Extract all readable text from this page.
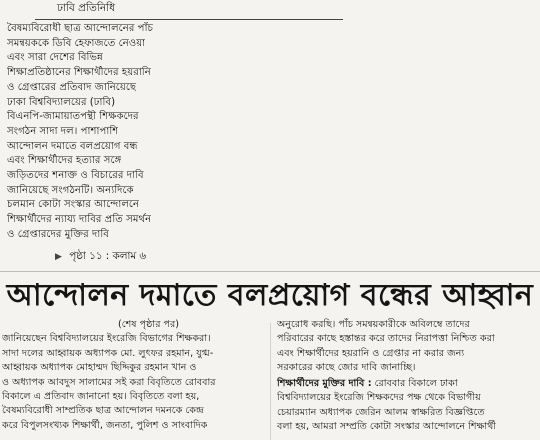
ঢাবি প্রতিনিধি
বৈষম্যবিরোধী ছাত্র আন্দোলনের পাঁচ
সমন্বয়ককে ডিবি হেফাজতে নেওয়া
এবং সারা দেশের বিভিন্ন
শিক্ষাপ্রতিষ্ঠানের শিক্ষার্থীদের হয়রানি
ও গ্রেপ্তারের প্রতিবাদ জানিয়েছে
ঢাকা বিশ্ববিদ্যালয়ের (ঢাবি)
বিএনপি-জামায়াতপন্থী শিক্ষকদের
সংগঠন সাদা দল। পাশাপাশি
আন্দোলন দমাতে বলপ্রয়োগ বন্ধ
এবং শিক্ষার্থীদের হত্যার সঙ্গে
জড়িতদের শনাক্ত ও বিচারের দাবি
জানিয়েছে সংগঠনটি। অন্যদিকে
চলমান কোটা সংস্কার আন্দোলনে
শিক্ষার্থীদের ন্যায্য দাবির প্রতি সমর্থন
ও গ্রেপ্তারদের মুক্তির দাবি
▶ পৃষ্ঠা ১১ : কলাম ৬
আন্দোলন দমাতে বলপ্রয়োগ বন্ধের আহ্বান
(শেষ পৃষ্ঠার পর)
জানিয়েছেন বিশ্ববিদ্যালয়ের ইংরেজি বিভাগের শিক্ষকরা।
সাদা দলের আহ্বায়ক অধ্যাপক মো. লুৎফর রহমান, যুগ্ম-
আহ্বায়ক অধ্যাপক মোহাম্মদ ছিদ্দিকুর রহমান খান ও
ও অধ্যাপক আবদুস সালামের সই করা বিবৃতিতে রোববার
বিকালে এ প্রতিবাদ জানানো হয়। বিবৃতিতে বলা হয়,
বৈষম্যবিরোধী সাম্প্রতিক ছাত্র আন্দোলন দমনকে কেন্দ্র
করে বিপুলসংখ্যক শিক্ষার্থী, জনতা, পুলিশ ও সাংবাদিক
অনুরোধ করছি। পাঁচ সমন্বয়কারীকে অবিলম্বে তাদের
পরিবারের কাছে হস্তান্তর করে তাদের নিরাপত্তা নিশ্চিত করা
এবং শিক্ষার্থীদের হয়রানি ও গ্রেপ্তার না করার জন্য
সরকারের কাছে জোর দাবি জানাচ্ছি।
শিক্ষার্থীদের মুক্তির দাবি : রোববার বিকালে ঢাকা
বিশ্ববিদ্যালয়ের ইংরেজি শিক্ষকদের পক্ষ থেকে বিভাগীয়
চেয়ারম্যান অধ্যাপক জেরিন আলম স্বাক্ষরিত বিজ্ঞপ্তিতে
বলা হয়, আমরা সম্প্রতি কোটা সংস্কার আন্দোলনে শিক্ষার্থী
